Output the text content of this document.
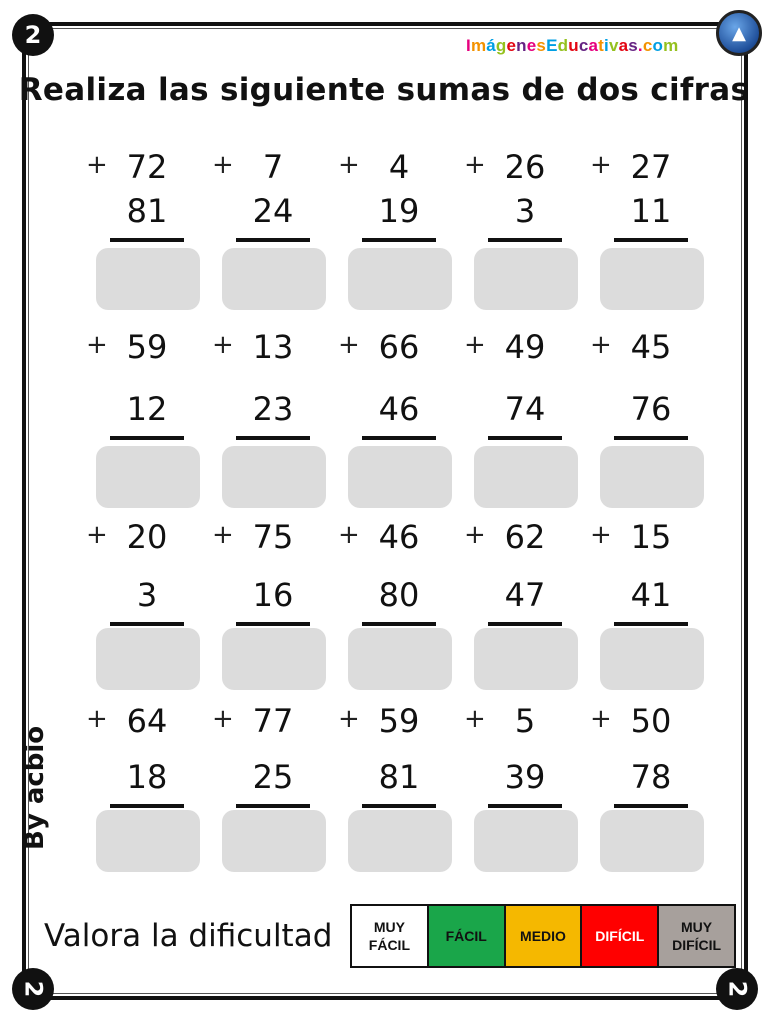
2
2	2
▲
ImágenesEducativas.com
Realiza las siguiente sumas de dos cifras
+ 72
81
+ 7
24
+ 4
19
+ 26
3
+ 27
11
+ 59
12
+ 13
23
+ 66
46
+ 49
74
+ 45
76
+ 20
3
+ 75
16
+ 46
80
+ 62
47
+ 15
41
+ 64
18
+ 77
25
+ 59
81
+ 5
39
+ 50
78
By acbio
Valora la dificultad	MUY FÁCIL
FÁCIL	MEDIO	DIFÍCIL
MUY DIFÍCIL
